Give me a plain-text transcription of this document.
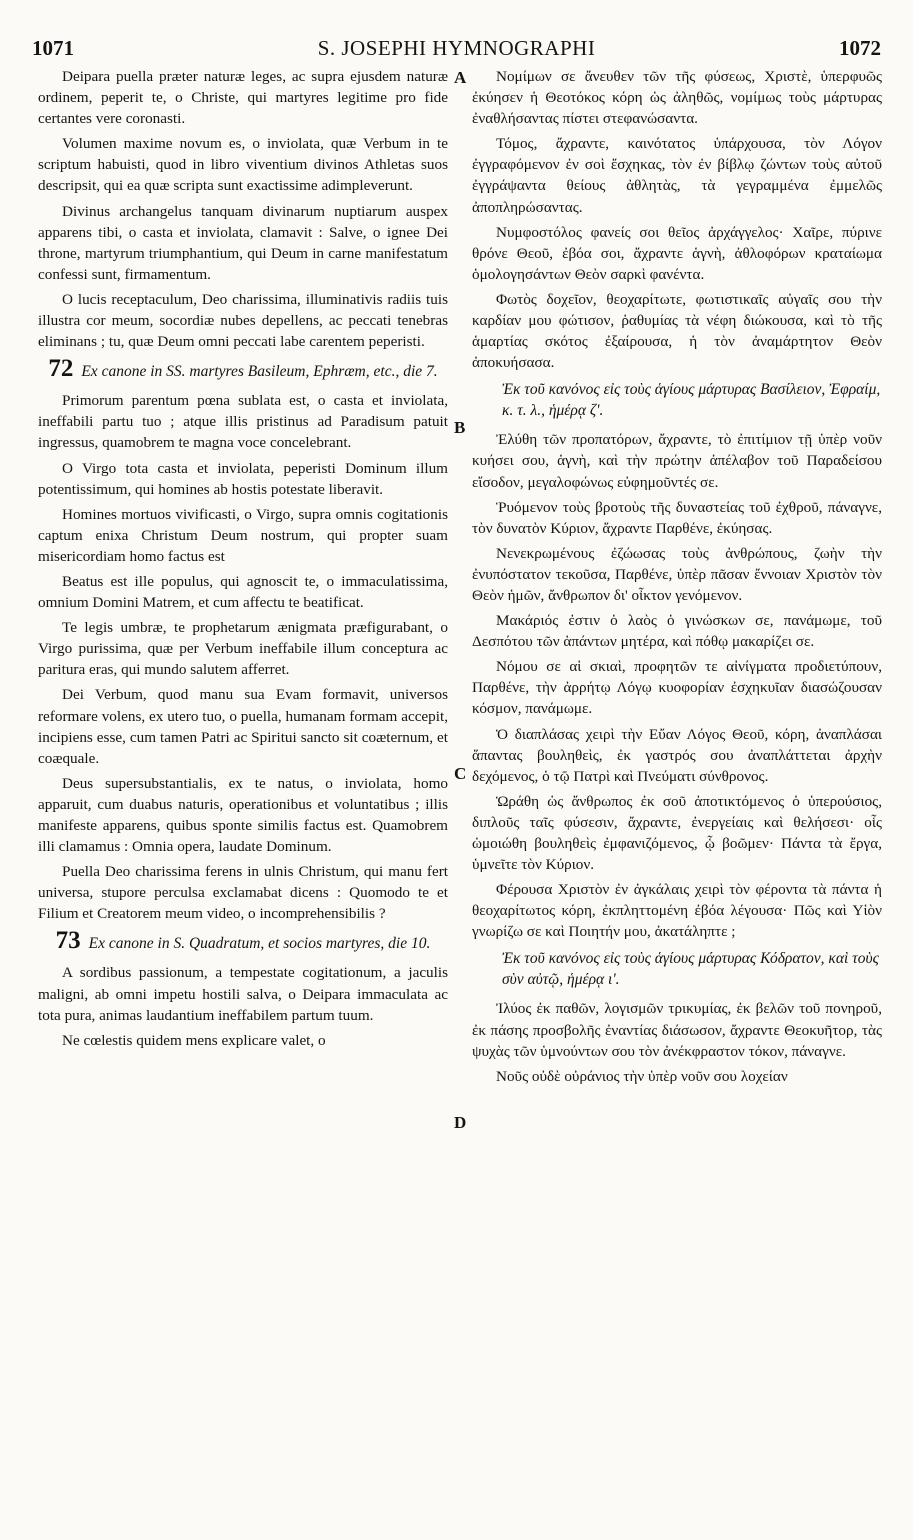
1071	S. JOSEPHI HYMNOGRAPHI	1072
Deipara puella præter naturæ leges, ac supra ejusdem naturæ ordinem, peperit te, o Christe, qui martyres legitime pro fide certantes vere coronasti.
Volumen maxime novum es, o inviolata, quæ Verbum in te scriptum habuisti, quod in libro viventium divinos Athletas suos descripsit, qui ea quæ scripta sunt exactissime adimpleverunt.
Divinus archangelus tanquam divinarum nuptiarum auspex apparens tibi, o casta et inviolata, clamavit : Salve, o ignee Dei throne, martyrum triumphantium, qui Deum in carne manifestatum confessi sunt, firmamentum.
O lucis receptaculum, Deo charissima, illuminativis radiis tuis illustra cor meum, socordiæ nubes depellens, ac peccati tenebras eliminans ; tu, quæ Deum omni peccati labe carentem peperisti.
72 Ex canone in SS. martyres Basileum, Ephræm, etc., die 7.
Primorum parentum pœna sublata est, o casta et inviolata, ineffabili partu tuo ; atque illis pristinus ad Paradisum patuit ingressus, quamobrem te magna voce concelebrant.
O Virgo tota casta et inviolata, peperisti Dominum illum potentissimum, qui homines ab hostis potestate liberavit.
Homines mortuos vivificasti, o Virgo, supra omnis cogitationis captum enixa Christum Deum nostrum, qui propter suam misericordiam homo factus est
Beatus est ille populus, qui agnoscit te, o immaculatissima, omnium Domini Matrem, et cum affectu te beatificat.
Te legis umbræ, te prophetarum ænigmata præfigurabant, o Virgo purissima, quæ per Verbum ineffabile illum conceptura ac paritura eras, qui mundo salutem afferret.
Dei Verbum, quod manu sua Evam formavit, universos reformare volens, ex utero tuo, o puella, humanam formam accepit, incipiens esse, cum tamen Patri ac Spiritui sancto sit coæternum, et coæquale.
Deus supersubstantialis, ex te natus, o inviolata, homo apparuit, cum duabus naturis, operationibus et voluntatibus ; illis manifeste apparens, quibus sponte similis factus est. Quamobrem illi clamamus : Omnia opera, laudate Dominum.
Puella Deo charissima ferens in ulnis Christum, qui manu fert universa, stupore perculsa exclamabat dicens : Quomodo te et Filium et Creatorem meum video, o incomprehensibilis ?
73 Ex canone in S. Quadratum, et socios martyres, die 10.
A sordibus passionum, a tempestate cogitationum, a jaculis maligni, ab omni impetu hostili salva, o Deipara immaculata ac tota pura, animas laudantium ineffabilem partum tuum.
Ne cœlestis quidem mens explicare valet, o
Νομίμων σε ἄνευθεν τῶν τῆς φύσεως, Χριστὲ, ὑπερφυῶς ἐκύησεν ἡ Θεοτόκος κόρη ὡς ἀληθῶς, νομίμως τοὺς μάρτυρας ἐναθλήσαντας πίστει στεφανώσαντα.
Τόμος, ἄχραντε, καινότατος ὑπάρχουσα, τὸν Λόγον ἐγγραφόμενον ἐν σοὶ ἔσχηκας, τὸν ἐν βίβλῳ ζώντων τοὺς αὐτοῦ ἐγγράψαντα θείους ἀθλητὰς, τὰ γεγραμμένα ἐμμελῶς ἀποπληρώσαντας.
Νυμφοστόλος φανείς σοι θεῖος ἀρχάγγελος· Χαῖρε, πύρινε θρόνε Θεοῦ, ἐβόα σοι, ἄχραντε ἁγνὴ, ἀθλοφόρων κραταίωμα ὁμολογησάντων Θεὸν σαρκὶ φανέντα.
Φωτὸς δοχεῖον, θεοχαρίτωτε, φωτιστικαῖς αὐγαῖς σου τὴν καρδίαν μου φώτισον, ῥαθυμίας τὰ νέφη διώκουσα, καὶ τὸ τῆς ἁμαρτίας σκότος ἐξαίρουσα, ἡ τὸν ἀναμάρτητον Θεὸν ἀποκυήσασα.
Ἐκ τοῦ κανόνος εἰς τοὺς ἁγίους μάρτυρας Βασίλειον, Ἐφραίμ, κ. τ. λ., ἡμέρᾳ ζ'.
Ἐλύθη τῶν προπατόρων, ἄχραντε, τὸ ἐπιτίμιον τῇ ὑπὲρ νοῦν κυήσει σου, ἁγνὴ, καὶ τὴν πρώτην ἀπέλαβον τοῦ Παραδείσου εἴσοδον, μεγαλοφώνως εὐφημοῦντές σε.
Ῥυόμενον τοὺς βροτοὺς τῆς δυναστείας τοῦ ἐχθροῦ, πάναγνε, τὸν δυνατὸν Κύριον, ἄχραντε Παρθένε, ἐκύησας.
Νενεκρωμένους ἐζώωσας τοὺς ἀνθρώπους, ζωὴν τὴν ἐνυπόστατον τεκοῦσα, Παρθένε, ὑπὲρ πᾶσαν ἔννοιαν Χριστὸν τὸν Θεὸν ἡμῶν, ἄνθρωπον δι' οἶκτον γενόμενον.
Μακάριός ἐστιν ὁ λαὸς ὁ γινώσκων σε, πανάμωμε, τοῦ Δεσπότου τῶν ἁπάντων μητέρα, καὶ πόθῳ μακαρίζει σε.
Νόμου σε αἱ σκιαὶ, προφητῶν τε αἰνίγματα προδιετύπουν, Παρθένε, τὴν ἀρρήτῳ Λόγῳ κυοφορίαν ἐσχηκυῖαν διασώζουσαν κόσμον, πανάμωμε.
Ὁ διαπλάσας χειρὶ τὴν Εὔαν Λόγος Θεοῦ, κόρη, ἀναπλάσαι ἅπαντας βουληθεὶς, ἐκ γαστρός σου ἀναπλάττεται ἀρχὴν δεχόμενος, ὁ τῷ Πατρὶ καὶ Πνεύματι σύνθρονος.
Ὡράθη ὡς ἄνθρωπος ἐκ σοῦ ἀποτικτόμενος ὁ ὑπερούσιος, διπλοῦς ταῖς φύσεσιν, ἄχραντε, ἐνεργείαις καὶ θελήσεσι· οἷς ὡμοιώθη βουληθεὶς ἐμφανιζόμενος, ᾧ βοῶμεν· Πάντα τὰ ἔργα, ὑμνεῖτε τὸν Κύριον.
Φέρουσα Χριστὸν ἐν ἀγκάλαις χειρὶ τὸν φέροντα τὰ πάντα ἡ θεοχαρίτωτος κόρη, ἐκπληττομένη ἐβόα λέγουσα· Πῶς καὶ Υἱὸν γνωρίζω σε καὶ Ποιητήν μου, ἀκατάληπτε ;
Ἐκ τοῦ κανόνος εἰς τοὺς ἁγίους μάρτυρας Κόδρατον, καὶ τοὺς σὺν αὐτῷ, ἡμέρᾳ ι'.
Ἰλύος ἐκ παθῶν, λογισμῶν τρικυμίας, ἐκ βελῶν τοῦ πονηροῦ, ἐκ πάσης προσβολῆς ἐναντίας διάσωσον, ἄχραντε Θεοκυῆτορ, τὰς ψυχὰς τῶν ὑμνούντων σου τὸν ἀνέκφραστον τόκον, πάναγνε.
Νοῦς οὐδὲ οὐράνιος τὴν ὑπὲρ νοῦν σου λοχείαν
A
B
C
D
